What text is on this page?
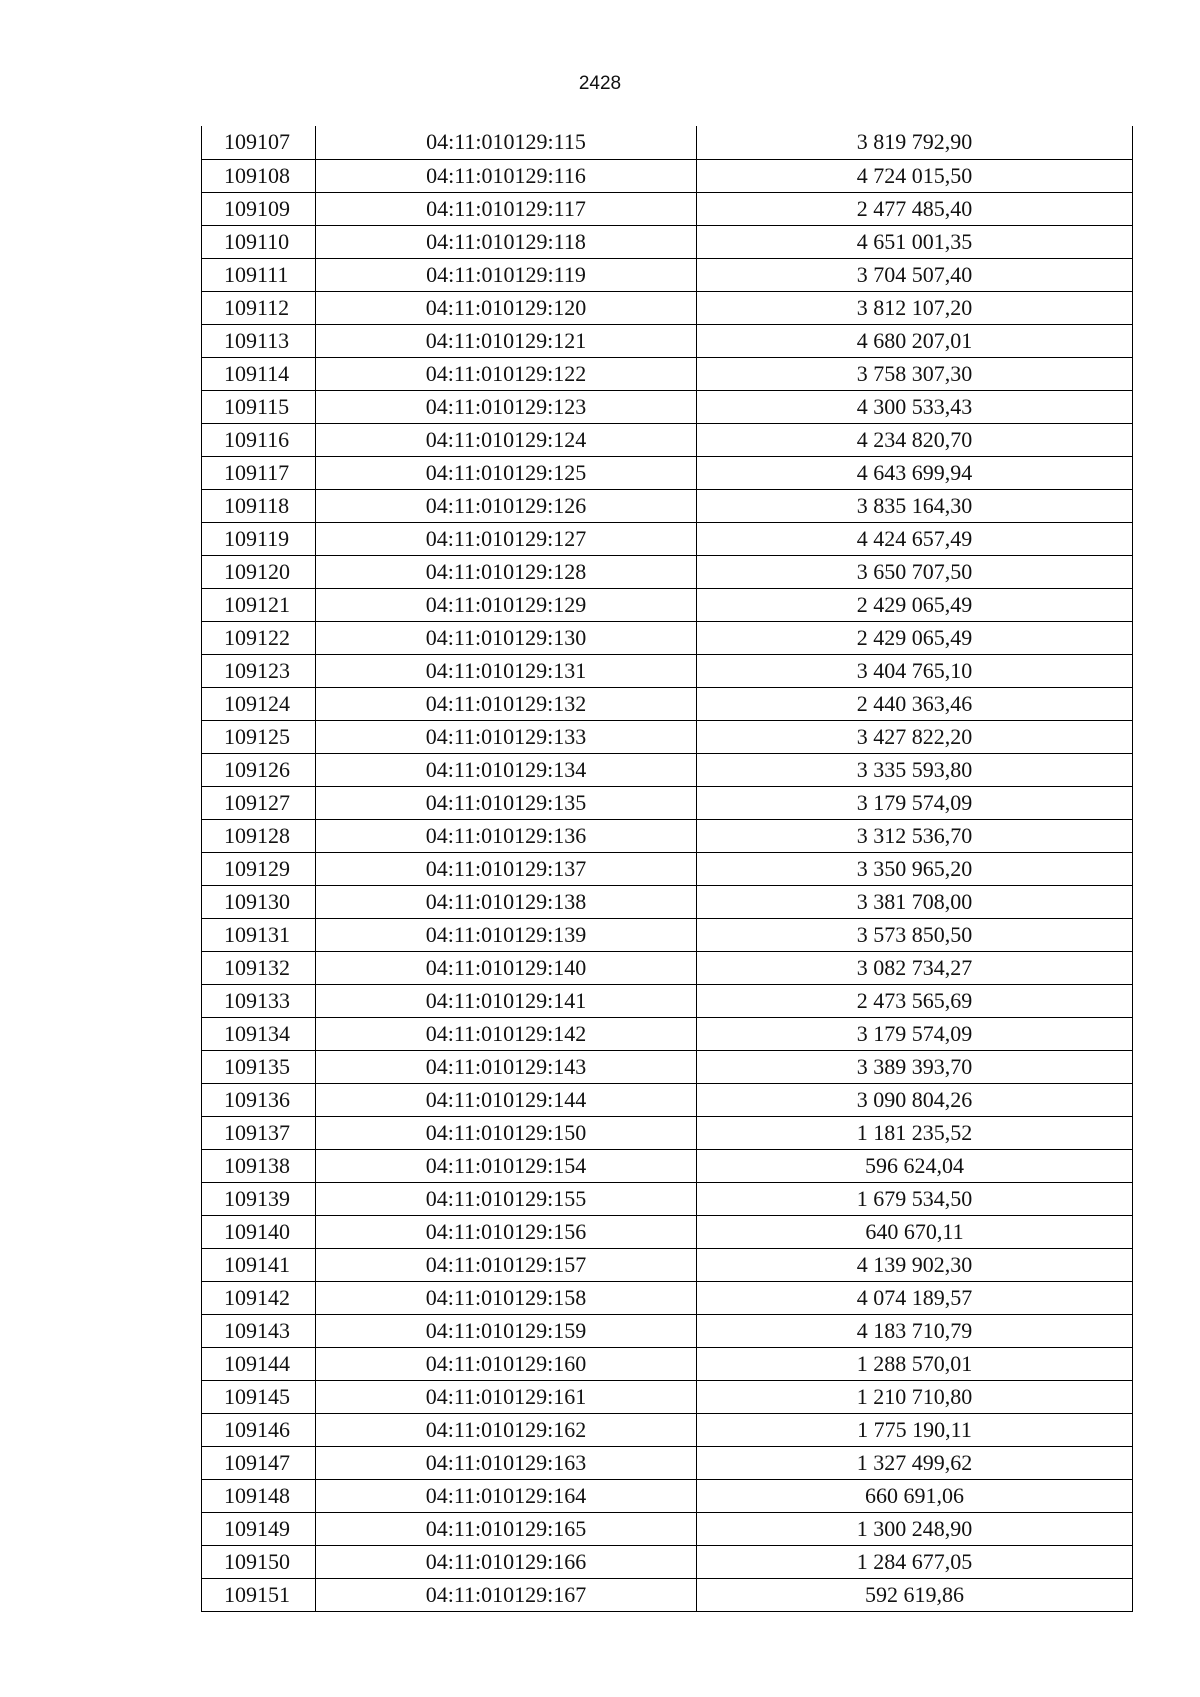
2428
109107	04:11:010129:115	3 819 792,90
109108	04:11:010129:116	4 724 015,50
109109	04:11:010129:117	2 477 485,40
109110	04:11:010129:118	4 651 001,35
109111	04:11:010129:119	3 704 507,40
109112	04:11:010129:120	3 812 107,20
109113	04:11:010129:121	4 680 207,01
109114	04:11:010129:122	3 758 307,30
109115	04:11:010129:123	4 300 533,43
109116	04:11:010129:124	4 234 820,70
109117	04:11:010129:125	4 643 699,94
109118	04:11:010129:126	3 835 164,30
109119	04:11:010129:127	4 424 657,49
109120	04:11:010129:128	3 650 707,50
109121	04:11:010129:129	2 429 065,49
109122	04:11:010129:130	2 429 065,49
109123	04:11:010129:131	3 404 765,10
109124	04:11:010129:132	2 440 363,46
109125	04:11:010129:133	3 427 822,20
109126	04:11:010129:134	3 335 593,80
109127	04:11:010129:135	3 179 574,09
109128	04:11:010129:136	3 312 536,70
109129	04:11:010129:137	3 350 965,20
109130	04:11:010129:138	3 381 708,00
109131	04:11:010129:139	3 573 850,50
109132	04:11:010129:140	3 082 734,27
109133	04:11:010129:141	2 473 565,69
109134	04:11:010129:142	3 179 574,09
109135	04:11:010129:143	3 389 393,70
109136	04:11:010129:144	3 090 804,26
109137	04:11:010129:150	1 181 235,52
109138	04:11:010129:154	596 624,04
109139	04:11:010129:155	1 679 534,50
109140	04:11:010129:156	640 670,11
109141	04:11:010129:157	4 139 902,30
109142	04:11:010129:158	4 074 189,57
109143	04:11:010129:159	4 183 710,79
109144	04:11:010129:160	1 288 570,01
109145	04:11:010129:161	1 210 710,80
109146	04:11:010129:162	1 775 190,11
109147	04:11:010129:163	1 327 499,62
109148	04:11:010129:164	660 691,06
109149	04:11:010129:165	1 300 248,90
109150	04:11:010129:166	1 284 677,05
109151	04:11:010129:167	592 619,86
